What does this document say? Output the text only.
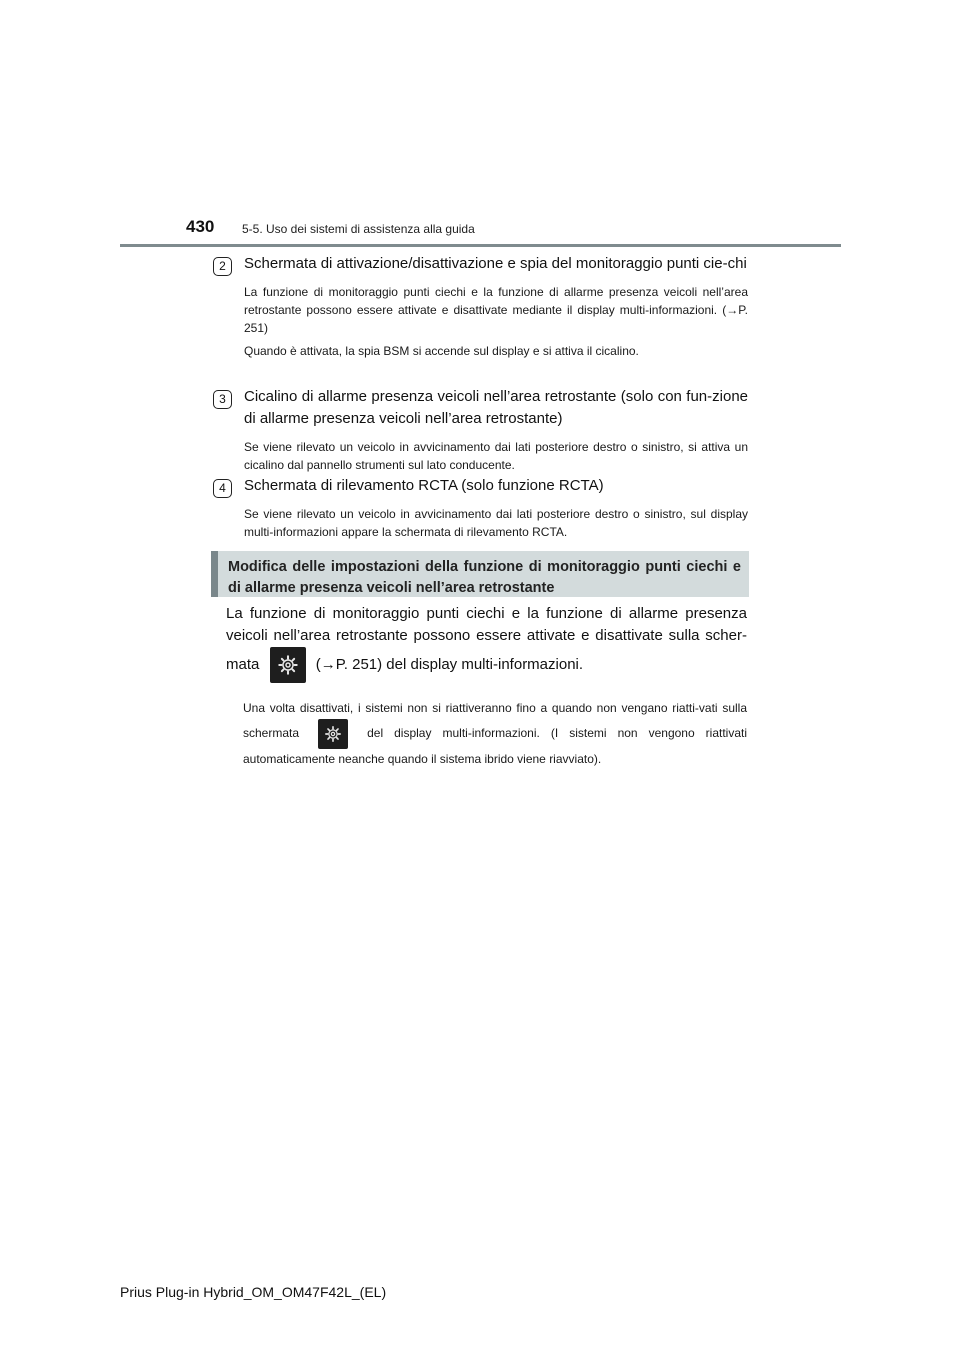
430 5-5. Uso dei sistemi di assistenza alla guida
2	Schermata di attivazione/disattivazione e spia del monitoraggio punti cie-chi
La funzione di monitoraggio punti ciechi e la funzione di allarme presenza veicoli nell’area retrostante possono essere attivate e disattivate mediante il display multi-informazioni. (→P. 251)
Quando è attivata, la spia BSM si accende sul display e si attiva il cicalino.
3	Cicalino di allarme presenza veicoli nell’area retrostante (solo con fun-zione di allarme presenza veicoli nell’area retrostante)
Se viene rilevato un veicolo in avvicinamento dai lati posteriore destro o sinistro, si attiva un cicalino dal pannello strumenti sul lato conducente.
4	Schermata di rilevamento RCTA (solo funzione RCTA)
Se viene rilevato un veicolo in avvicinamento dai lati posteriore destro o sinistro, sul display multi-informazioni appare la schermata di rilevamento RCTA.
Modifica delle impostazioni della funzione di monitoraggio punti ciechi e di allarme presenza veicoli nell’area retrostante
La funzione di monitoraggio punti ciechi e la funzione di allarme presenza veicoli nell’area retrostante possono essere attivate e disattivate sulla scher-mata	(→P. 251) del display multi-informazioni.
Una volta disattivati, i sistemi non si riattiveranno fino a quando non vengano riatti-vati sulla schermata	del display multi-informazioni. (I sistemi non vengono riattivati automaticamente neanche quando il sistema ibrido viene riavviato).
Prius Plug-in Hybrid_OM_OM47F42L_(EL)
